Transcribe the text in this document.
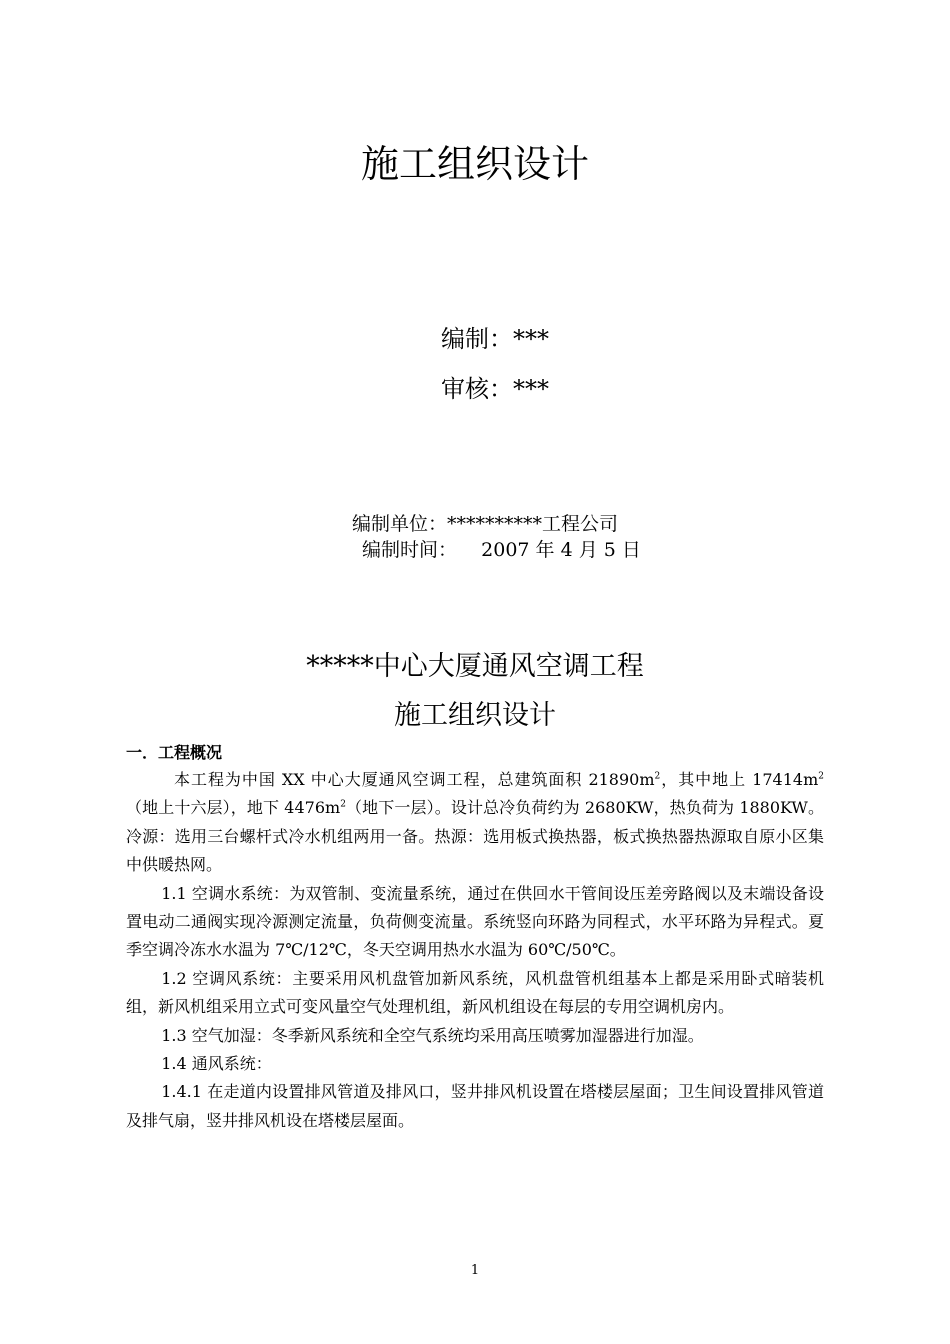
施工组织设计
编制：***
审核：***
编制单位：**********工程公司
编制时间：    2007 年 4 月 5 日
*****中心大厦通风空调工程
施工组织设计
一．工程概况

本工程为中国 XX 中心大厦通风空调工程，总建筑面积 $21890m^2$，其中地上 $17414m^2$（地上十六层），地下 $4476m^2$（地下一层）。设计总冷负荷约为 2680KW，热负荷为 1880KW。冷源：选用三台螺杆式冷水机组两用一备。热源：选用板式换热器，板式换热器热源取自原小区集中供暖热网。

1.1 空调水系统：为双管制、变流量系统，通过在供回水干管间设压差旁路阀以及末端设备设置电动二通阀实现冷源测定流量，负荷侧变流量。系统竖向环路为同程式，水平环路为异程式。夏季空调冷冻水水温为 7℃/12℃，冬天空调用热水水温为 60℃/50℃。

1.2 空调风系统：主要采用风机盘管加新风系统，风机盘管机组基本上都是采用卧式暗装机组，新风机组采用立式可变风量空气处理机组，新风机组设在每层的专用空调机房内。

1.3 空气加湿：冬季新风系统和全空气系统均采用高压喷雾加湿器进行加湿。

1.4 通风系统：

1.4.1 在走道内设置排风管道及排风口，竖井排风机设置在塔楼层屋面；卫生间设置排风管道及排气扇，竖井排风机设在塔楼层屋面。

1
